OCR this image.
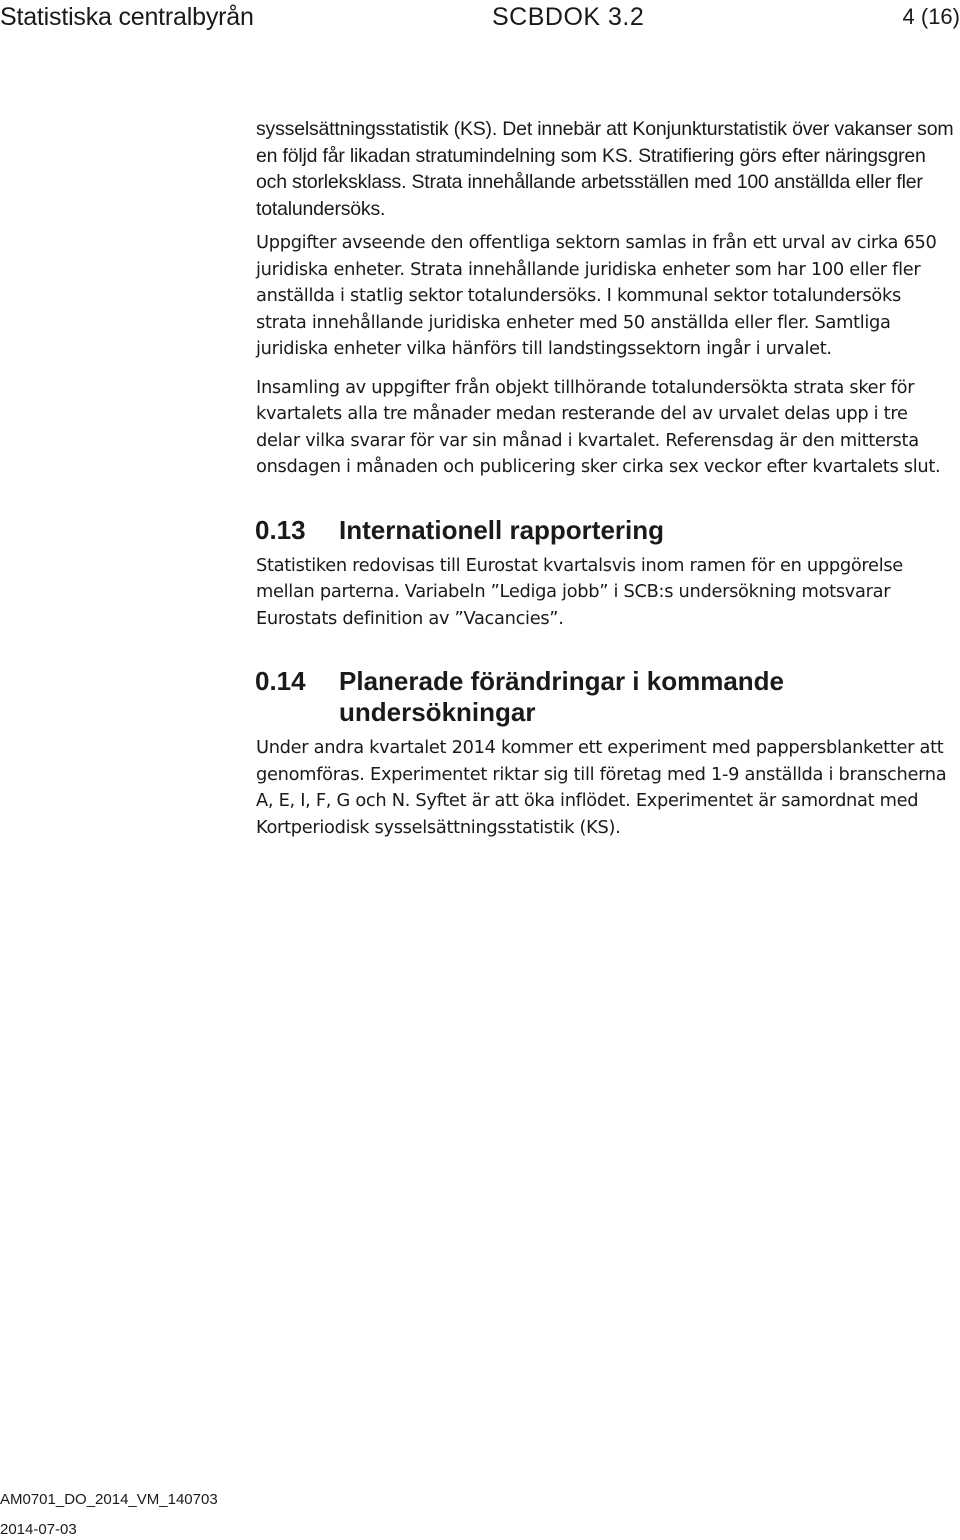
Statistiska centralbyrån	SCBDOK 3.2	4 (16)

sysselsättningsstatistik (KS). Det innebär att Konjunkturstatistik över vakanser som en följd får likadan stratumindelning som KS. Stratifiering görs efter näringsgren och storleksklass. Strata innehållande arbetsställen med 100 anställda eller fler totalundersöks.

Uppgifter avseende den offentliga sektorn samlas in från ett urval av cirka 650 juridiska enheter. Strata innehållande juridiska enheter som har 100 eller fler anställda i statlig sektor totalundersöks. I kommunal sektor totalundersöks strata innehållande juridiska enheter med 50 anställda eller fler. Samtliga juridiska enheter vilka hänförs till landstingssektorn ingår i urvalet.

Insamling av uppgifter från objekt tillhörande totalundersökta strata sker för kvartalets alla tre månader medan resterande del av urvalet delas upp i tre delar vilka svarar för var sin månad i kvartalet. Referensdag är den mittersta onsdagen i månaden och publicering sker cirka sex veckor efter kvartalets slut.

0.13 Internationell rapportering

Statistiken redovisas till Eurostat kvartalsvis inom ramen för en uppgörelse mellan parterna. Variabeln ”Lediga jobb” i SCB:s undersökning motsvarar Eurostats definition av ”Vacancies”.

0.14 Planerade förändringar i kommande undersökningar

Under andra kvartalet 2014 kommer ett experiment med pappersblanketter att genomföras. Experimentet riktar sig till företag med 1-9 anställda i branscherna A, E, I, F, G och N. Syftet är att öka inflödet. Experimentet är samordnat med Kortperiodisk sysselsättningsstatistik (KS).

AM0701_DO_2014_VM_140703
2014-07-03
